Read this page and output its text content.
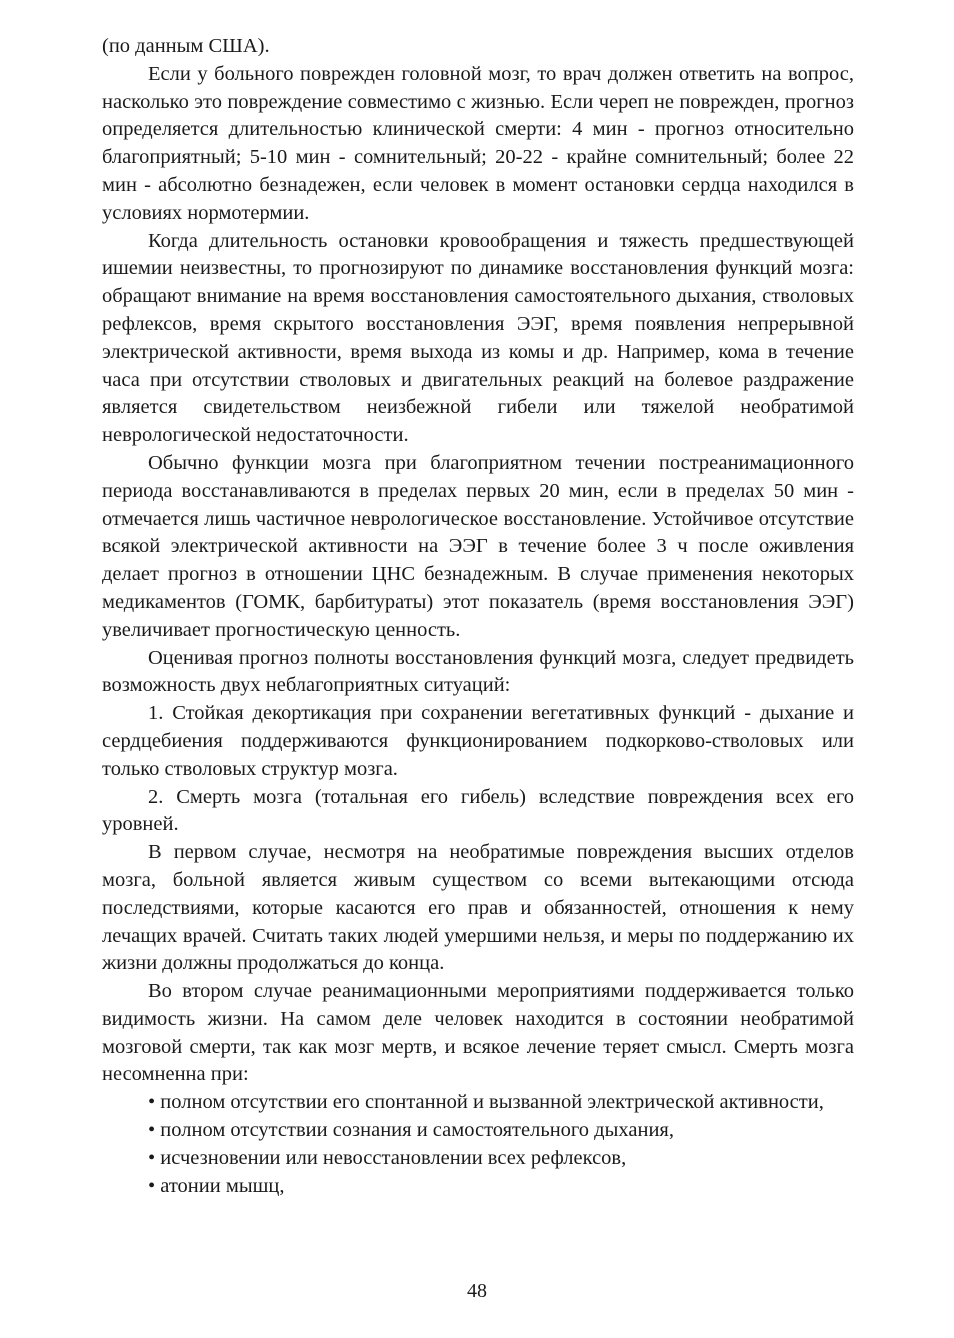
(по данным США).

Если у больного поврежден головной мозг, то врач должен ответить на вопрос, насколько это повреждение совместимо с жизнью. Если череп не поврежден, прогноз определяется длительностью клинической смерти: 4 мин - прогноз относительно благоприятный; 5-10 мин - сомнительный; 20-22 - крайне сомнительный; более 22 мин - абсолютно безнадежен, если человек в момент остановки сердца находился в условиях нормотермии.

Когда длительность остановки кровообращения и тяжесть предшествующей ишемии неизвестны, то прогнозируют по динамике восстановления функций мозга: обращают внимание на время восстановления самостоятельного дыхания, стволовых рефлексов, время скрытого восстановления ЭЭГ, время появления непрерывной электрической активности, время выхода из комы и др. Например, кома в течение часа при отсутствии стволовых и двигательных реакций на болевое раздражение является свидетельством неизбежной гибели или тяжелой необратимой неврологической недостаточности.

Обычно функции мозга при благоприятном течении постреанимационного периода восстанавливаются в пределах первых 20 мин, если в пределах 50 мин - отмечается лишь частичное неврологическое восстановление. Устойчивое отсутствие всякой электрической активности на ЭЭГ в течение более 3 ч после оживления делает прогноз в отношении ЦНС безнадежным. В случае применения некоторых медикаментов (ГОМК, барбитураты) этот показатель (время восстановления ЭЭГ) увеличивает прогностическую ценность.

Оценивая прогноз полноты восстановления функций мозга, следует предвидеть возможность двух неблагоприятных ситуаций:

1. Стойкая декортикация при сохранении вегетативных функций - дыхание и сердцебиения поддерживаются функционированием подкорково-стволовых или только стволовых структур мозга.

2. Смерть мозга (тотальная его гибель) вследствие повреждения всех его уровней.

В первом случае, несмотря на необратимые повреждения высших отделов мозга, больной является живым существом со всеми вытекающими отсюда последствиями, которые касаются его прав и обязанностей, отношения к нему лечащих врачей. Считать таких людей умершими нельзя, и меры по поддержанию их жизни должны продолжаться до конца.

Во втором случае реанимационными мероприятиями поддерживается только видимость жизни. На самом деле человек находится в состоянии необратимой мозговой смерти, так как мозг мертв, и всякое лечение теряет смысл. Смерть мозга несомненна при:

• полном отсутствии его спонтанной и вызванной электрической активности,

• полном отсутствии сознания и самостоятельного дыхания,

• исчезновении или невосстановлении всех рефлексов,

• атонии мышц,

48
